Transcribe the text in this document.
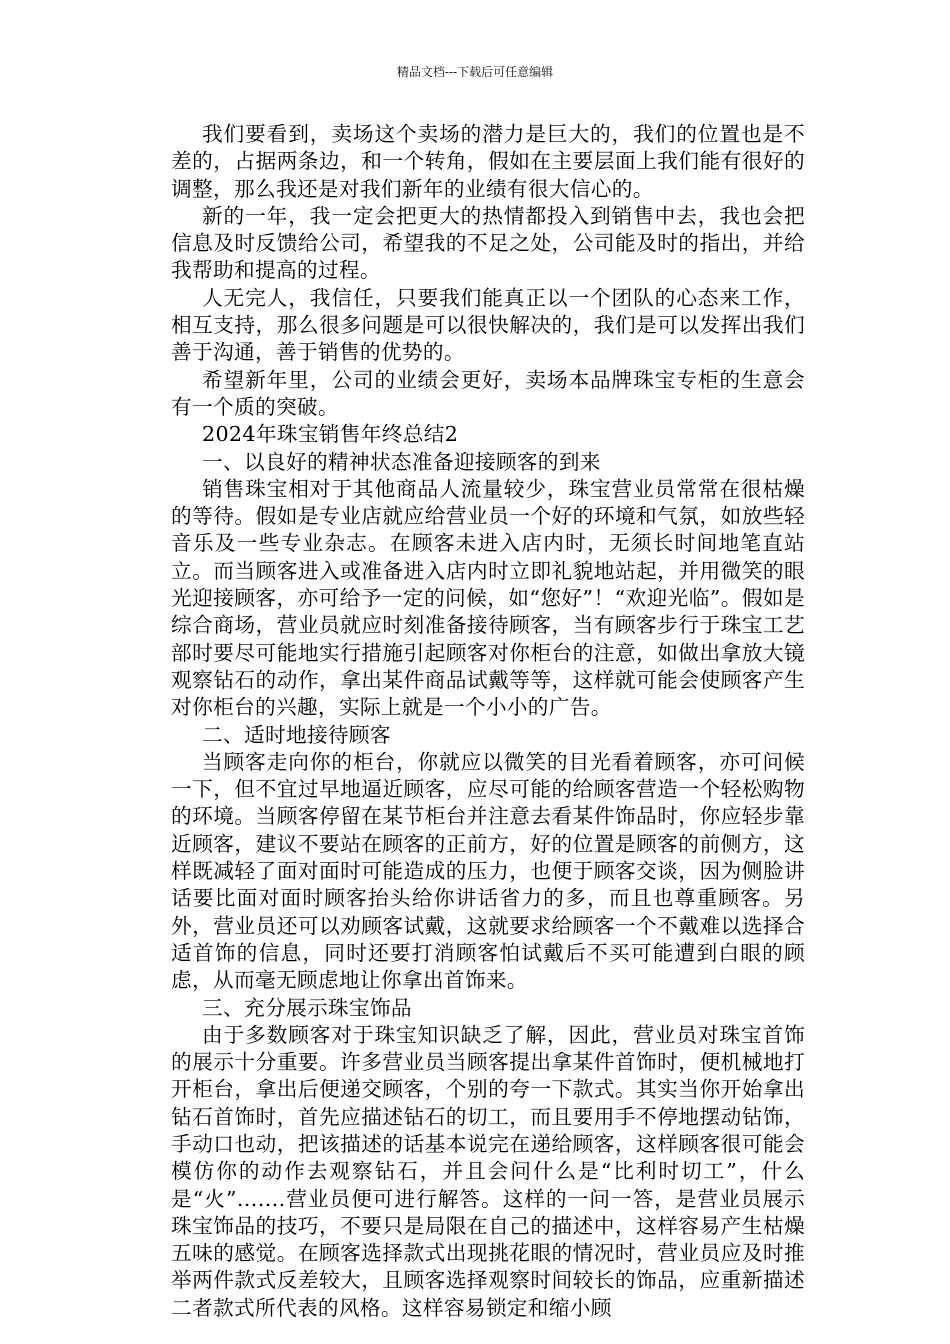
精品文档---下载后可任意编辑

我们要看到，卖场这个卖场的潜力是巨大的，我们的位置也是不差的，占据两条边，和一个转角，假如在主要层面上我们能有很好的调整，那么我还是对我们新年的业绩有很大信心的。

新的一年，我一定会把更大的热情都投入到销售中去，我也会把信息及时反馈给公司，希望我的不足之处，公司能及时的指出，并给我帮助和提高的过程。

人无完人，我信任，只要我们能真正以一个团队的心态来工作，相互支持，那么很多问题是可以很快解决的，我们是可以发挥出我们善于沟通，善于销售的优势的。

希望新年里，公司的业绩会更好，卖场本品牌珠宝专柜的生意会有一个质的突破。

2024年珠宝销售年终总结2

一、以良好的精神状态准备迎接顾客的到来

销售珠宝相对于其他商品人流量较少，珠宝营业员常常在很枯燥的等待。假如是专业店就应给营业员一个好的环境和气氛，如放些轻音乐及一些专业杂志。在顾客未进入店内时，无须长时间地笔直站立。而当顾客进入或准备进入店内时立即礼貌地站起，并用微笑的眼光迎接顾客，亦可给予一定的问候，如“您好”！“欢迎光临”。假如是综合商场，营业员就应时刻准备接待顾客，当有顾客步行于珠宝工艺部时要尽可能地实行措施引起顾客对你柜台的注意，如做出拿放大镜观察钻石的动作，拿出某件商品试戴等等，这样就可能会使顾客产生对你柜台的兴趣，实际上就是一个小小的广告。

二、适时地接待顾客

当顾客走向你的柜台，你就应以微笑的目光看着顾客，亦可问候一下，但不宜过早地逼近顾客，应尽可能的给顾客营造一个轻松购物的环境。当顾客停留在某节柜台并注意去看某件饰品时，你应轻步靠近顾客，建议不要站在顾客的正前方，好的位置是顾客的前侧方，这样既减轻了面对面时可能造成的压力，也便于顾客交谈，因为侧脸讲话要比面对面时顾客抬头给你讲话省力的多，而且也尊重顾客。另外，营业员还可以劝顾客试戴，这就要求给顾客一个不戴难以选择合适首饰的信息，同时还要打消顾客怕试戴后不买可能遭到白眼的顾虑，从而毫无顾虑地让你拿出首饰来。

三、充分展示珠宝饰品

由于多数顾客对于珠宝知识缺乏了解，因此，营业员对珠宝首饰的展示十分重要。许多营业员当顾客提出拿某件首饰时，便机械地打开柜台，拿出后便递交顾客，个别的夸一下款式。其实当你开始拿出钻石首饰时，首先应描述钻石的切工，而且要用手不停地摆动钻饰，手动口也动，把该描述的话基本说完在递给顾客，这样顾客很可能会模仿你的动作去观察钻石，并且会问什么是“比利时切工”，什么是“火”…….营业员便可进行解答。这样的一问一答，是营业员展示珠宝饰品的技巧，不要只是局限在自己的描述中，这样容易产生枯燥五味的感觉。在顾客选择款式出现挑花眼的情况时，营业员应及时推举两件款式反差较大，且顾客选择观察时间较长的饰品，应重新描述二者款式所代表的风格。这样容易锁定和缩小顾
